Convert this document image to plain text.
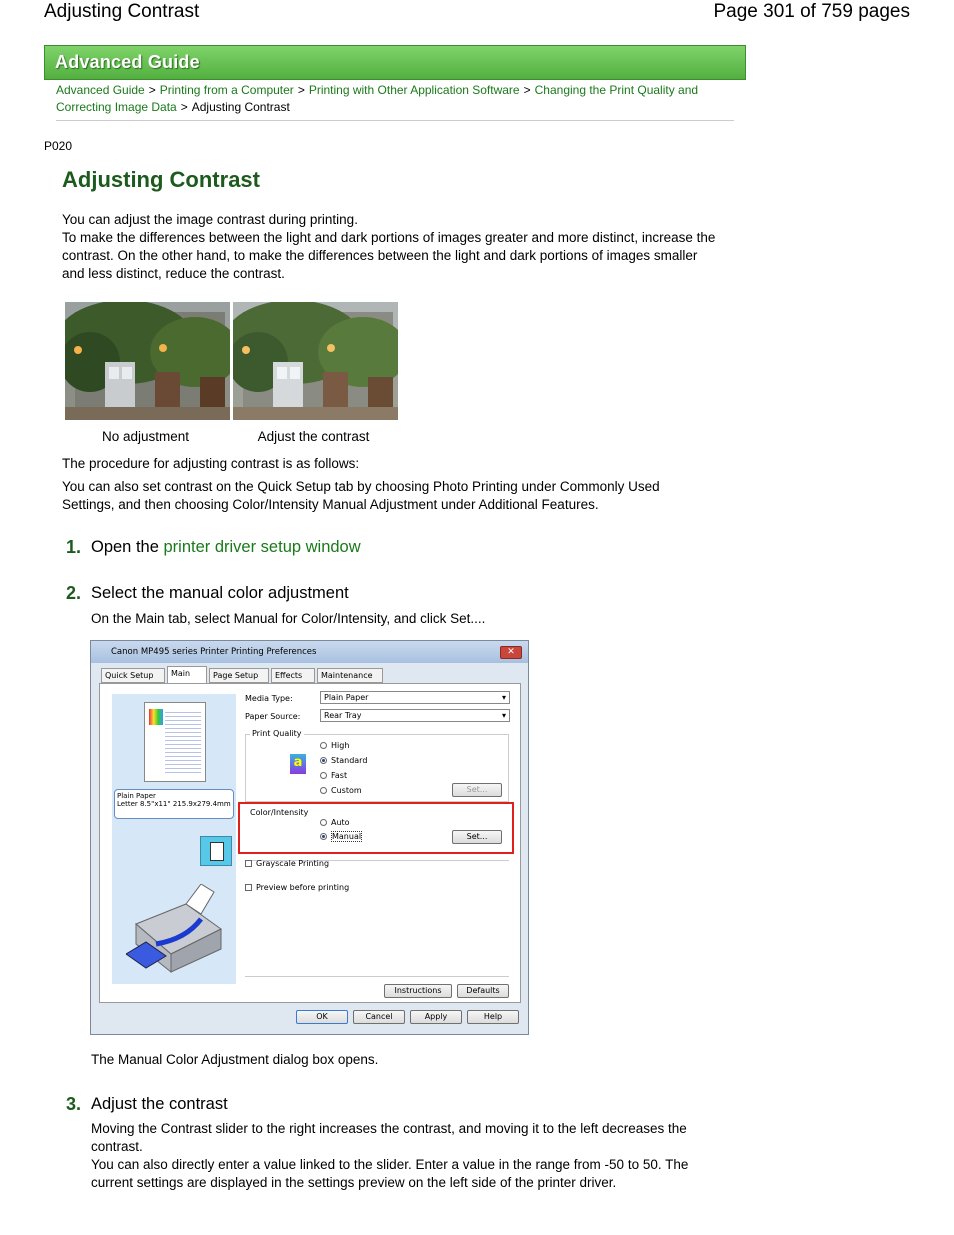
Adjusting Contrast	Page 301 of 759 pages
Advanced Guide
Advanced Guide > Printing from a Computer > Printing with Other Application Software > Changing the Print Quality and Correcting Image Data > Adjusting Contrast
P020
Adjusting Contrast
You can adjust the image contrast during printing.
To make the differences between the light and dark portions of images greater and more distinct, increase the contrast. On the other hand, to make the differences between the light and dark portions of images smaller and less distinct, reduce the contrast.
No adjustment	Adjust the contrast
The procedure for adjusting contrast is as follows:
You can also set contrast on the Quick Setup tab by choosing Photo Printing under Commonly Used Settings, and then choosing Color/Intensity Manual Adjustment under Additional Features.
1. Open the printer driver setup window
2. Select the manual color adjustment
On the Main tab, select Manual for Color/Intensity, and click Set....
Canon MP495 series Printer Printing Preferences	✕
Quick Setup	Main	Page Setup	Effects	Maintenance
Plain Paper
Letter 8.5"x11" 215.9x279.4mm
Media Type:	Plain Paper ▾
Paper Source:	Rear Tray ▾
Print Quality
a
High
Standard
Fast
Custom	Set...
Color/Intensity
Auto
Manual	Set...
Grayscale Printing
Preview before printing
Instructions	Defaults
OK	Cancel	Apply	Help
The Manual Color Adjustment dialog box opens.
3. Adjust the contrast
Moving the Contrast slider to the right increases the contrast, and moving it to the left decreases the contrast.
You can also directly enter a value linked to the slider. Enter a value in the range from -50 to 50. The current settings are displayed in the settings preview on the left side of the printer driver.
